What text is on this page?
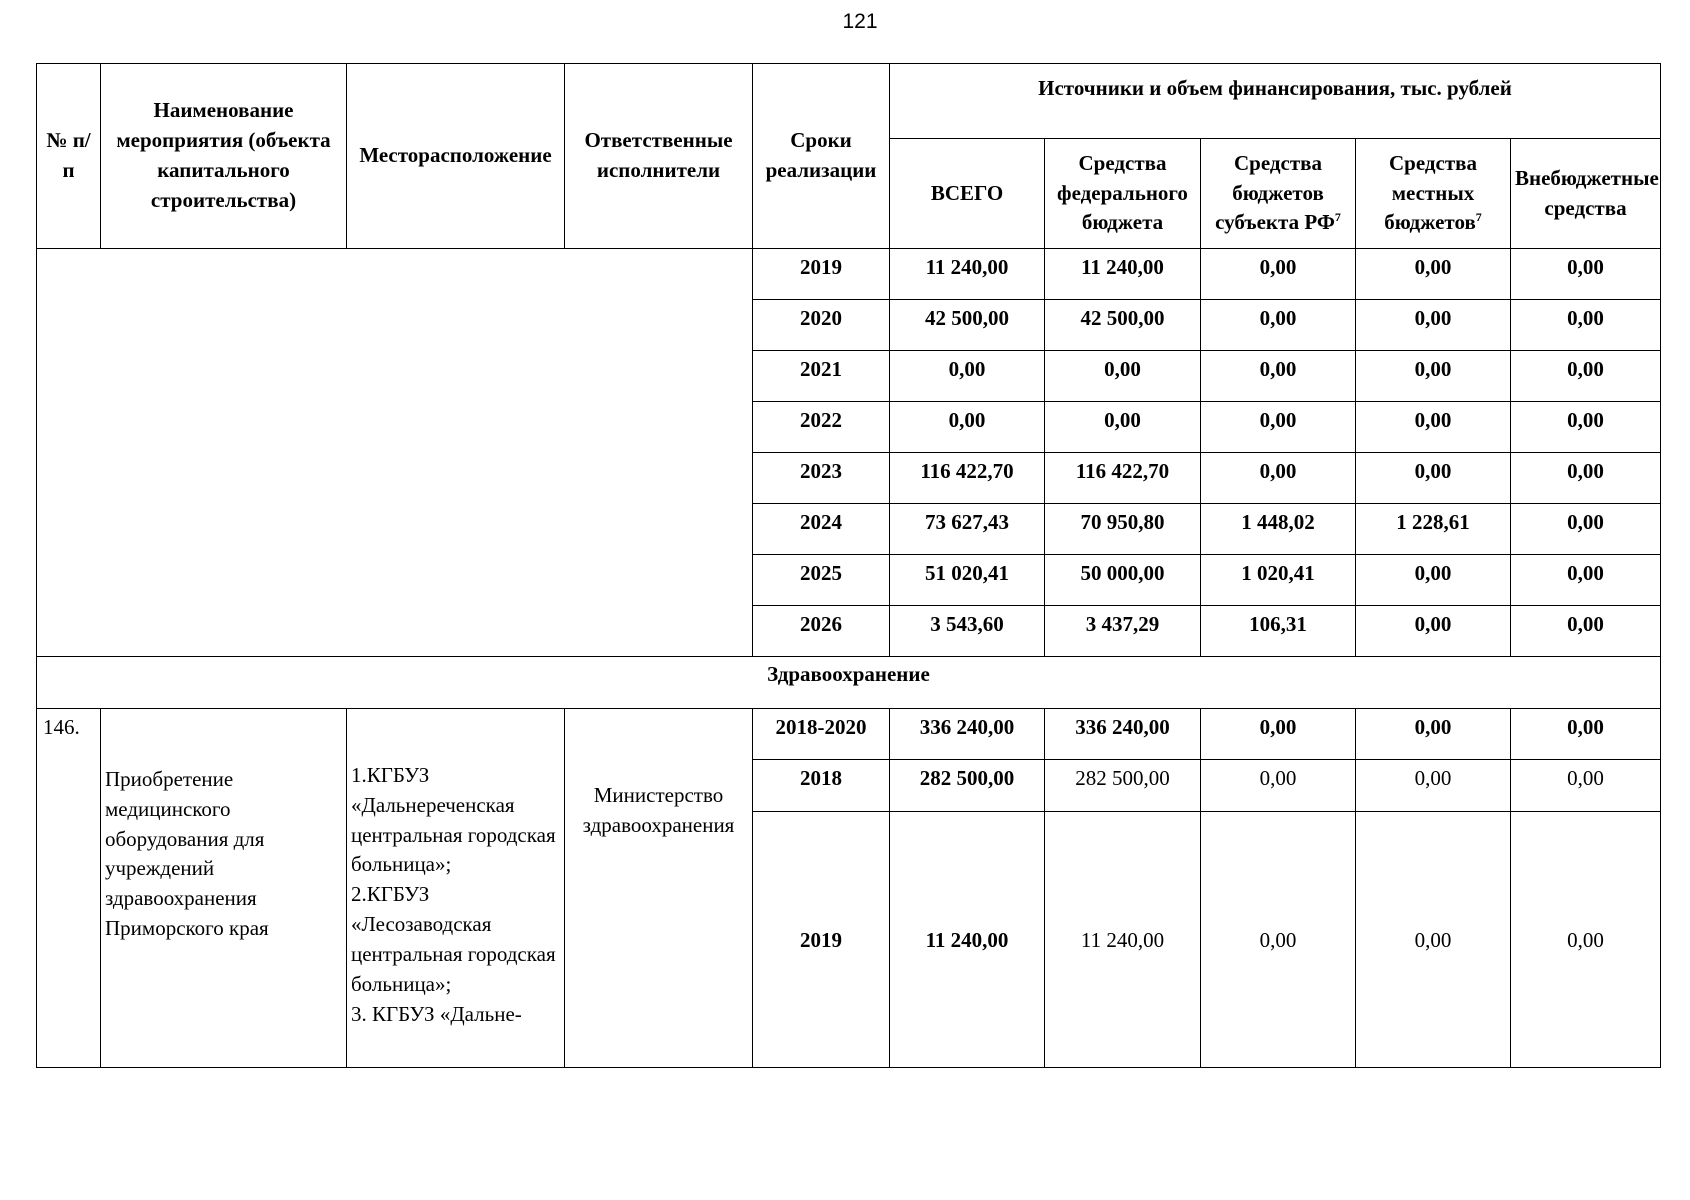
121
№ п/п	Наименование мероприятия (объекта капитального строительства)	Месторасположение	Ответственные исполнители	Сроки реализации	Источники и объем финансирования, тыс. рублей				
					ВСЕГО	Средства федерального бюджета	Средства бюджетов субъекта $РФ^7$	Средства местных бюджетов$^7$	Внебюджетные средства
				2019	11 240,00	11 240,00	0,00	0,00	0,00
				2020	42 500,00	42 500,00	0,00	0,00	0,00
				2021	0,00	0,00	0,00	0,00	0,00
				2022	0,00	0,00	0,00	0,00	0,00
				2023	116 422,70	116 422,70	0,00	0,00	0,00
				2024	73 627,43	70 950,80	1 448,02	1 228,61	0,00
				2025	51 020,41	50 000,00	1 020,41	0,00	0,00
				2026	3 543,60	3 437,29	106,31	0,00	0,00
Здравоохранение									
146.	Приобретение медицинского оборудования для учреждений здравоохранения Приморского края	1.КГБУЗ «Дальнереченская центральная городская больница»;
2.КГБУЗ «Лесозаводская центральная городская больница»;
3. КГБУЗ «Дальне-	Министерство здравоохранения	2018-2020	336 240,00	336 240,00	0,00	0,00	0,00
				2018	282 500,00	282 500,00	0,00	0,00	0,00
				2019	11 240,00	11 240,00	0,00	0,00	0,00
